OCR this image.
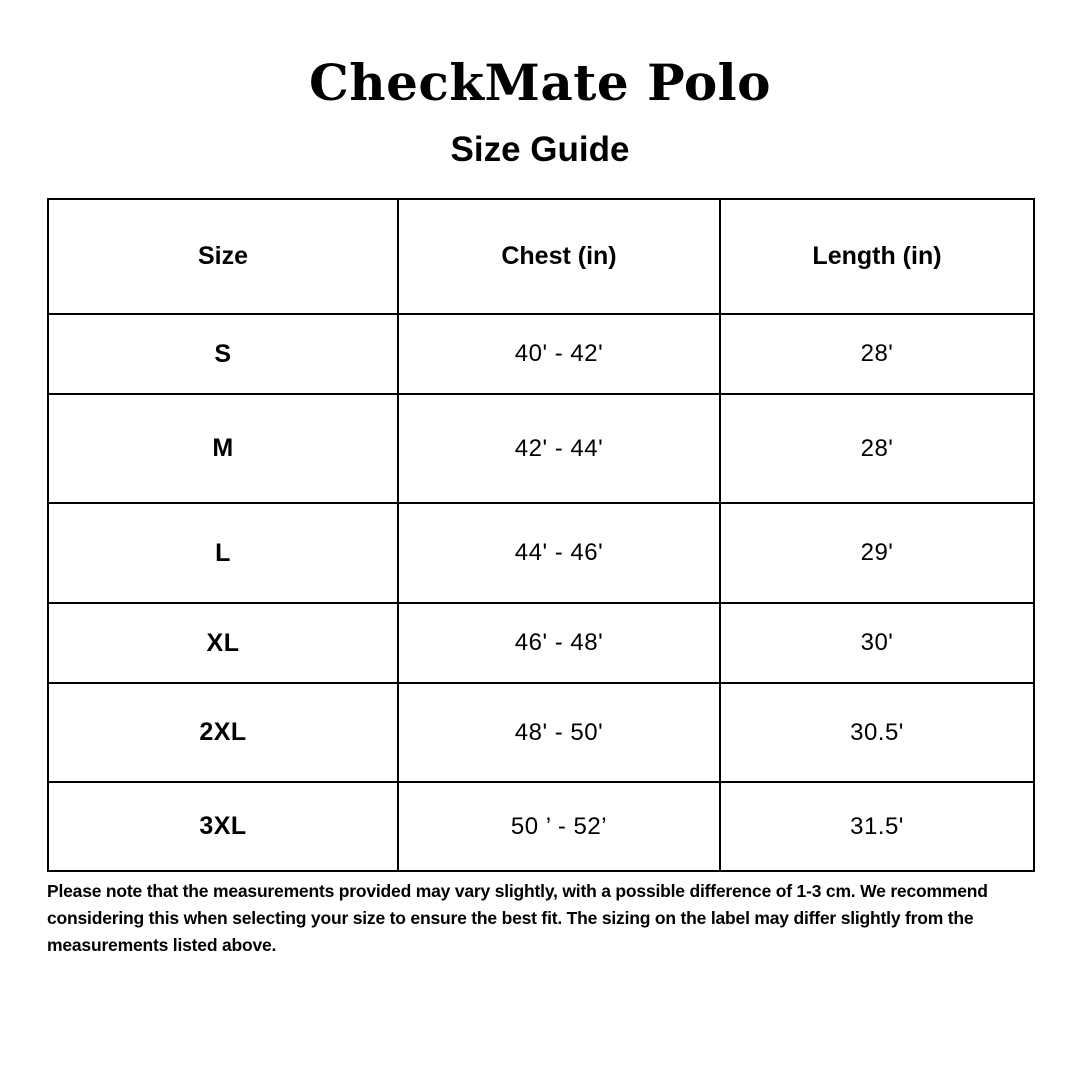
CheckMate Polo
Size Guide
Size	Chest (in)	Length (in)
S	40' - 42'	28'
M	42' - 44'	28'
L	44' - 46'	29'
XL	46' - 48'	30'
2XL	48' - 50'	30.5'
3XL	50 ’ - 52’	31.5'
Please note that the measurements provided may vary slightly, with a possible difference of 1-3 cm. We recommend considering this when selecting your size to ensure the best fit. The sizing on the label may differ slightly from the measurements listed above.
